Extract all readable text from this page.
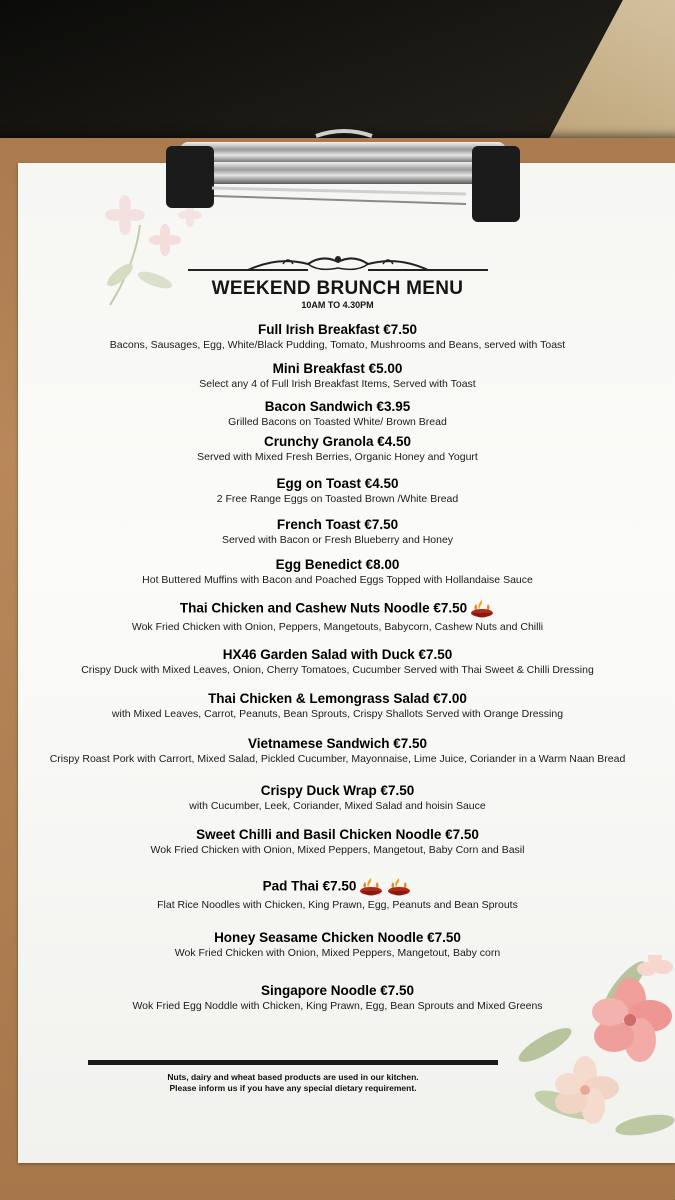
WEEKEND BRUNCH MENU
10AM TO 4.30PM
Full Irish Breakfast €7.50
Bacons, Sausages, Egg, White/Black Pudding, Tomato, Mushrooms and Beans, served with Toast
Mini Breakfast €5.00
Select any 4 of Full Irish Breakfast Items, Served with Toast
Bacon Sandwich €3.95
Grilled Bacons on Toasted White/ Brown Bread
Crunchy Granola €4.50
Served with Mixed Fresh Berries, Organic Honey and Yogurt
Egg on Toast €4.50
2 Free Range Eggs on Toasted Brown /White Bread
French Toast €7.50
Served with Bacon or Fresh Blueberry and Honey
Egg Benedict €8.00
Hot Buttered Muffins with Bacon and Poached Eggs Topped with Hollandaise Sauce
Thai Chicken and Cashew Nuts Noodle €7.50
Wok Fried Chicken with Onion, Peppers, Mangetouts, Babycorn, Cashew Nuts and Chilli
HX46 Garden Salad with Duck €7.50
Crispy Duck with Mixed Leaves, Onion, Cherry Tomatoes, Cucumber Served with Thai Sweet & Chilli Dressing
Thai Chicken & Lemongrass Salad €7.00
with Mixed Leaves, Carrot, Peanuts, Bean Sprouts, Crispy Shallots Served with Orange Dressing
Vietnamese Sandwich €7.50
Crispy Roast Pork with Carrort, Mixed Salad, Pickled Cucumber, Mayonnaise, Lime Juice, Coriander in a Warm Naan Bread
Crispy Duck Wrap €7.50
with Cucumber, Leek, Coriander, Mixed Salad and hoisin Sauce
Sweet Chilli and Basil Chicken Noodle €7.50
Wok Fried Chicken with Onion, Mixed Peppers, Mangetout, Baby Corn and Basil
Pad Thai €7.50
Flat Rice Noodles with Chicken, King Prawn, Egg, Peanuts and Bean Sprouts
Honey Seasame Chicken Noodle €7.50
Wok Fried Chicken with Onion, Mixed Peppers, Mangetout, Baby corn
Singapore Noodle €7.50
Wok Fried Egg Noddle with Chicken, King Prawn, Egg, Bean Sprouts and Mixed Greens
Nuts, dairy and wheat based products are used in our kitchen.
Please inform us if you have any special dietary requirement.
